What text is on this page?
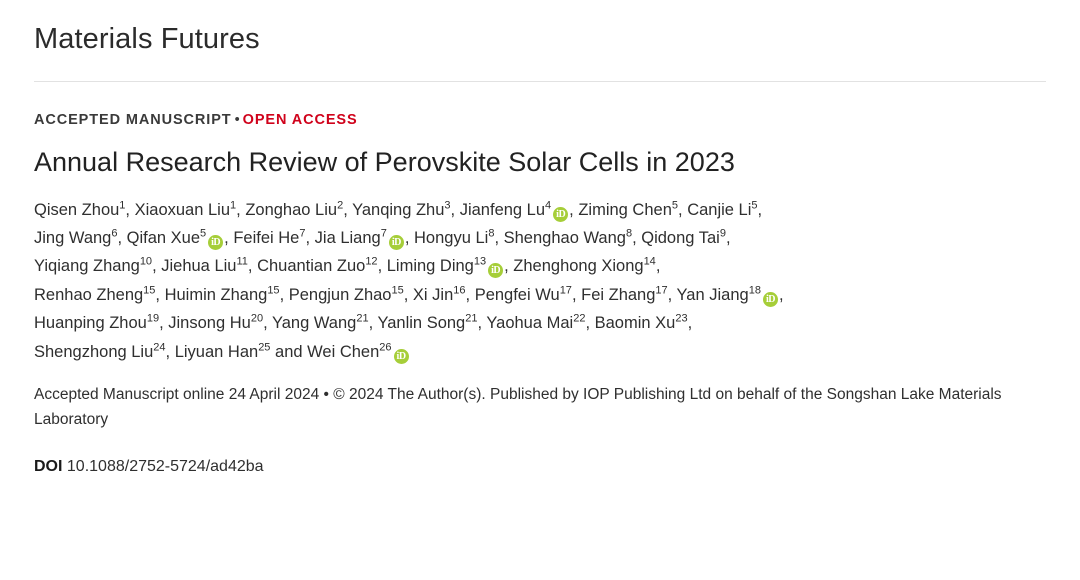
Materials Futures
ACCEPTED MANUSCRIPT • OPEN ACCESS
Annual Research Review of Perovskite Solar Cells in 2023
Qisen Zhou$^1$, Xiaoxuan Liu$^1$, Zonghao Liu$^2$, Yanqing Zhu$^3$, Jianfeng Lu$^4$iD , Ziming Chen$^5$, Canjie Li$^5$,
Jing Wang$^6$, Qifan Xue$^5$iD , Feifei He$^7$, Jia Liang$^7$iD , Hongyu Li$^8$, Shenghao Wang$^8$, Qidong Tai$^9$,
Yiqiang Zhang$^{10}$, Jiehua Liu$^{11}$, Chuantian Zuo$^{12}$, Liming Ding$^{13}$iD , Zhenghong Xiong$^{14}$,
Renhao Zheng$^{15}$, Huimin Zhang$^{15}$, Pengjun Zhao$^{15}$, Xi Jin$^{16}$, Pengfei Wu$^{17}$, Fei Zhang$^{17}$, Yan Jiang$^{18}$iD ,
Huanping Zhou$^{19}$, Jinsong Hu$^{20}$, Yang Wang$^{21}$, Yanlin Song$^{21}$, Yaohua Mai$^{22}$, Baomin Xu$^{23}$,
Shengzhong Liu$^{24}$, Liyuan Han$^{25}$ and Wei Chen$^{26}$iD
Accepted Manuscript online 24 April 2024 • © 2024 The Author(s). Published by IOP Publishing Ltd on behalf of the Songshan Lake Materials Laboratory
DOI 10.1088/2752-5724/ad42ba
